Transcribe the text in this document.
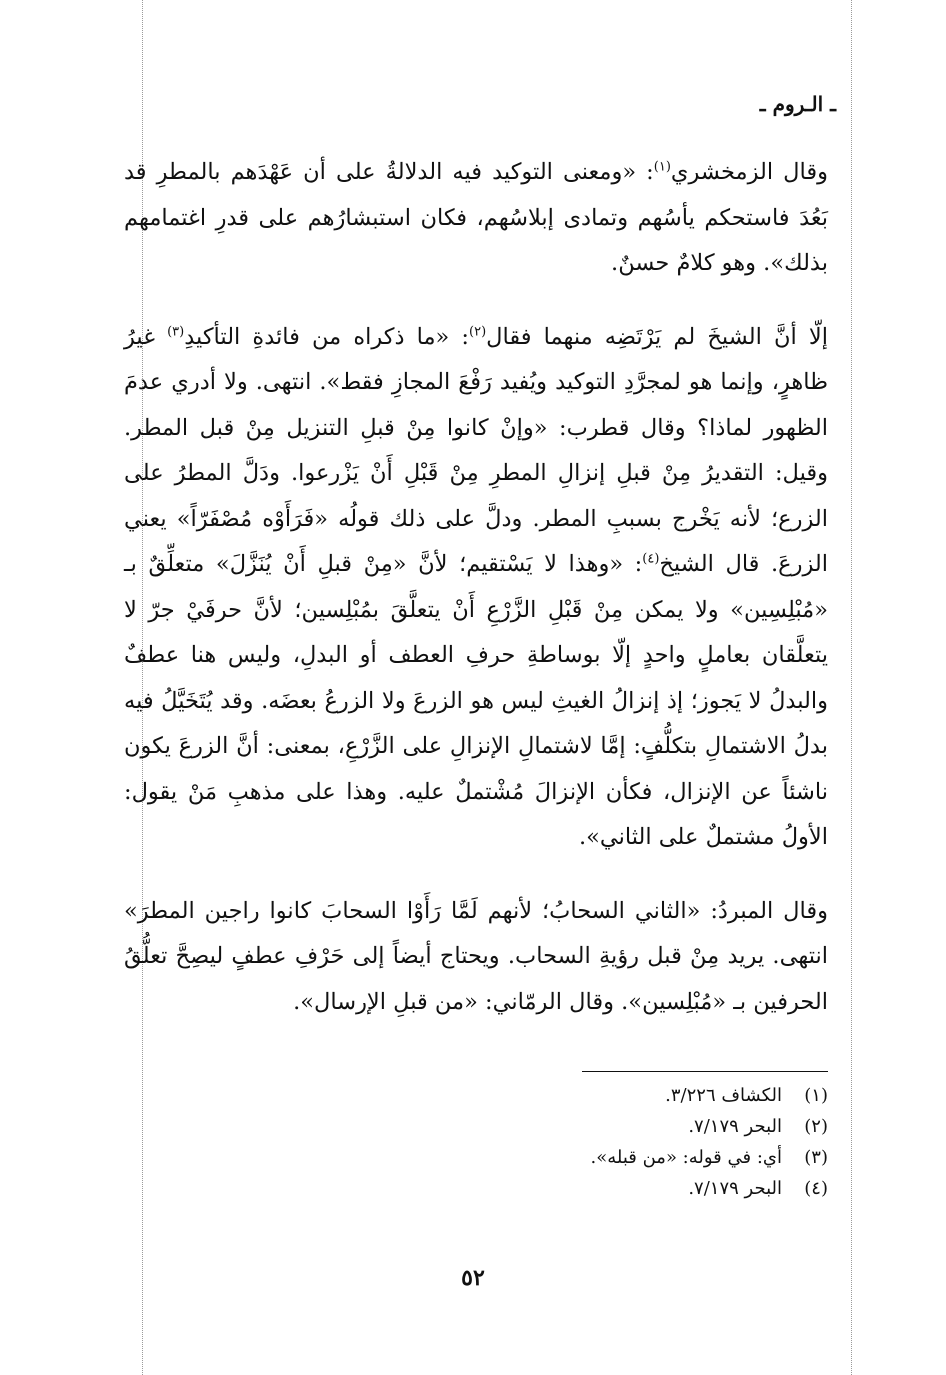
ـ الـروم ـ

وقال الزمخشري$^{(١)}$: «ومعنى التوكيد فيه الدلالةُ على أن عَهْدَهم بالمطرِ قد بَعُدَ فاستحكم يأسُهم وتمادى إبلاسُهم، فكان استبشارُهم على قدرِ اغتمامهم بذلك». وهو كلامٌ حسنٌ.

إلّا أنَّ الشيخَ لم يَرْتَضِه منهما فقال$^{(٢)}$: «ما ذكراه من فائدةِ التأكيدِ$^{(٣)}$ غيرُ ظاهرٍ، وإنما هو لمجرَّدِ التوكيد ويُفيد رَفْعَ المجازِ فقط». انتهى. ولا أدري عدمَ الظهور لماذا؟ وقال قطرب: «وإنْ كانوا مِنْ قبلِ التنزيل مِنْ قبل المطر. وقيل: التقديرُ مِنْ قبلِ إنزالِ المطرِ مِنْ قَبْلِ أَنْ يَزْرعوا. ودَلَّ المطرُ على الزرع؛ لأنه يَخْرج بسببِ المطر. ودلَّ على ذلك قولُه «فَرَأَوْه مُصْفَرّاً» يعني الزرعَ. قال الشيخ$^{(٤)}$: «وهذا لا يَسْتقيم؛ لأنَّ «مِنْ قبلِ أَنْ يُنَزَّلَ» متعلِّقٌ بـ «مُبْلِسِين» ولا يمكن مِنْ قَبْلِ الزَّرْعِ أَنْ يتعلَّقَ بمُبْلِسين؛ لأنَّ حرفَيْ جرّ لا يتعلَّقان بعاملٍ واحدٍ إلّا بوساطةِ حرفِ العطف أو البدلِ، وليس هنا عطفٌ والبدلُ لا يَجوز؛ إذ إنزالُ الغيثِ ليس هو الزرعَ ولا الزرعُ بعضَه. وقد يُتَخَيَّلُ فيه بدلُ الاشتمالِ بتكلُّفٍ: إمَّا لاشتمالِ الإنزالِ على الزَّرْعِ، بمعنى: أنَّ الزرعَ يكون ناشئاً عن الإنزال، فكأن الإنزالَ مُشْتملٌ عليه. وهذا على مذهبِ مَنْ يقول: الأولُ مشتملٌ على الثاني».

وقال المبردُ: «الثاني السحابُ؛ لأنهم لَمَّا رَأَوْا السحابَ كانوا راجين المطرَ» انتهى. يريد مِنْ قبل رؤيةِ السحاب. ويحتاج أيضاً إلى حَرْفِ عطفٍ ليصِحَّ تعلُّقُ الحرفين بـ «مُبْلِسين». وقال الرمّاني: «من قبلِ الإرسال».

(١)
الكشاف ٣/٢٢٦.
(٢)
البحر ٧/١٧٩.
(٣)
أي: في قوله: «من قبله».
(٤)
البحر ٧/١٧٩.
٥٢
